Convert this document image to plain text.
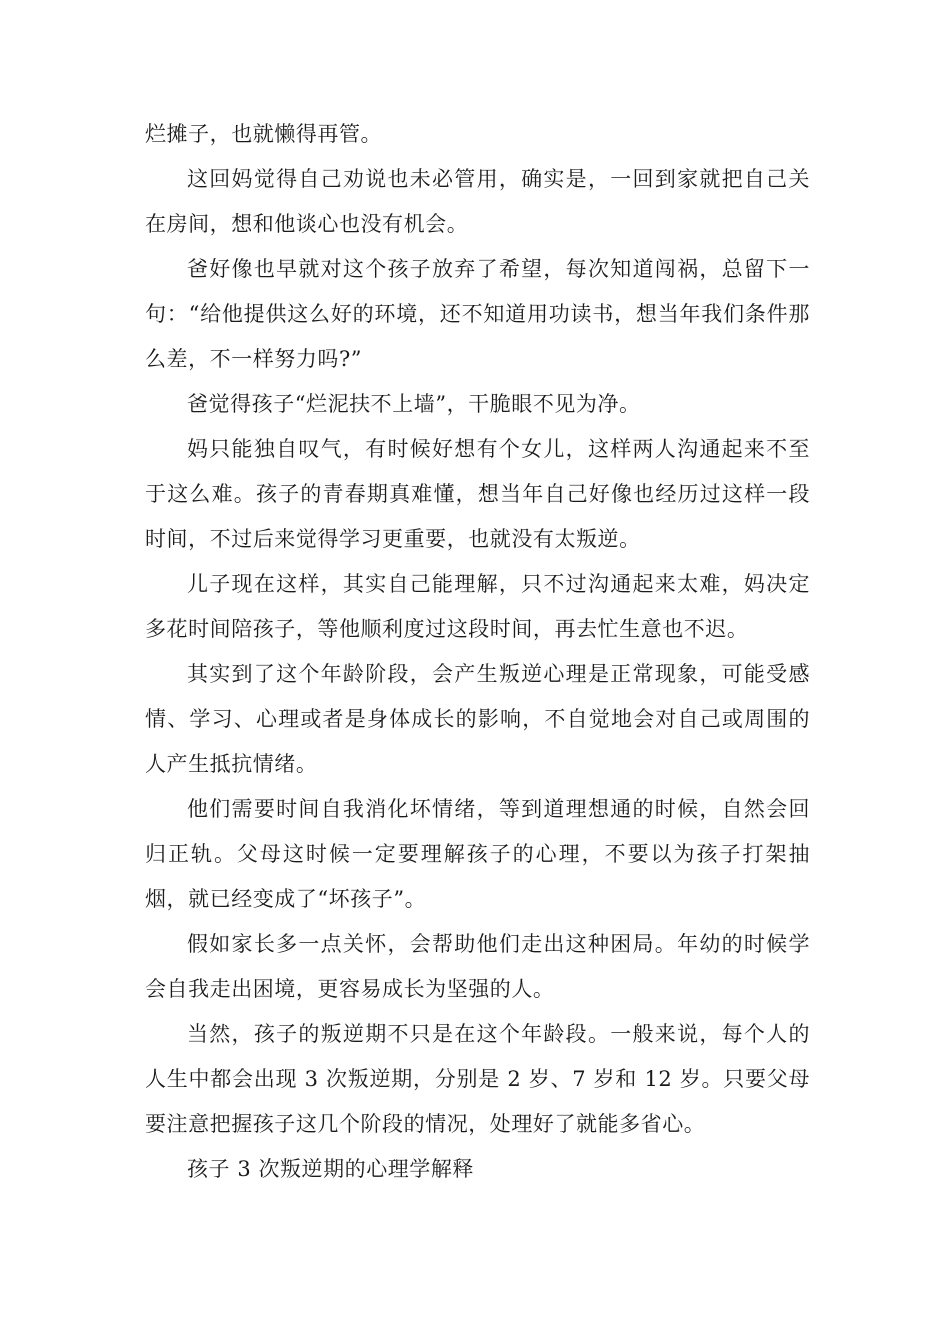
烂摊子，也就懒得再管。

这回妈觉得自己劝说也未必管用，确实是，一回到家就把自己关在房间，想和他谈心也没有机会。

爸好像也早就对这个孩子放弃了希望，每次知道闯祸，总留下一句：“给他提供这么好的环境，还不知道用功读书，想当年我们条件那么差，不一样努力吗?”

爸觉得孩子“烂泥扶不上墙”，干脆眼不见为净。

妈只能独自叹气，有时候好想有个女儿，这样两人沟通起来不至于这么难。孩子的青春期真难懂，想当年自己好像也经历过这样一段时间，不过后来觉得学习更重要，也就没有太叛逆。

儿子现在这样，其实自己能理解，只不过沟通起来太难，妈决定多花时间陪孩子，等他顺利度过这段时间，再去忙生意也不迟。

其实到了这个年龄阶段，会产生叛逆心理是正常现象，可能受感情、学习、心理或者是身体成长的影响，不自觉地会对自己或周围的人产生抵抗情绪。

他们需要时间自我消化坏情绪，等到道理想通的时候，自然会回归正轨。父母这时候一定要理解孩子的心理，不要以为孩子打架抽烟，就已经变成了“坏孩子”。

假如家长多一点关怀，会帮助他们走出这种困局。年幼的时候学会自我走出困境，更容易成长为坚强的人。

当然，孩子的叛逆期不只是在这个年龄段。一般来说，每个人的人生中都会出现 3 次叛逆期，分别是 2 岁、7 岁和 12 岁。只要父母要注意把握孩子这几个阶段的情况，处理好了就能多省心。

孩子 3 次叛逆期的心理学解释
